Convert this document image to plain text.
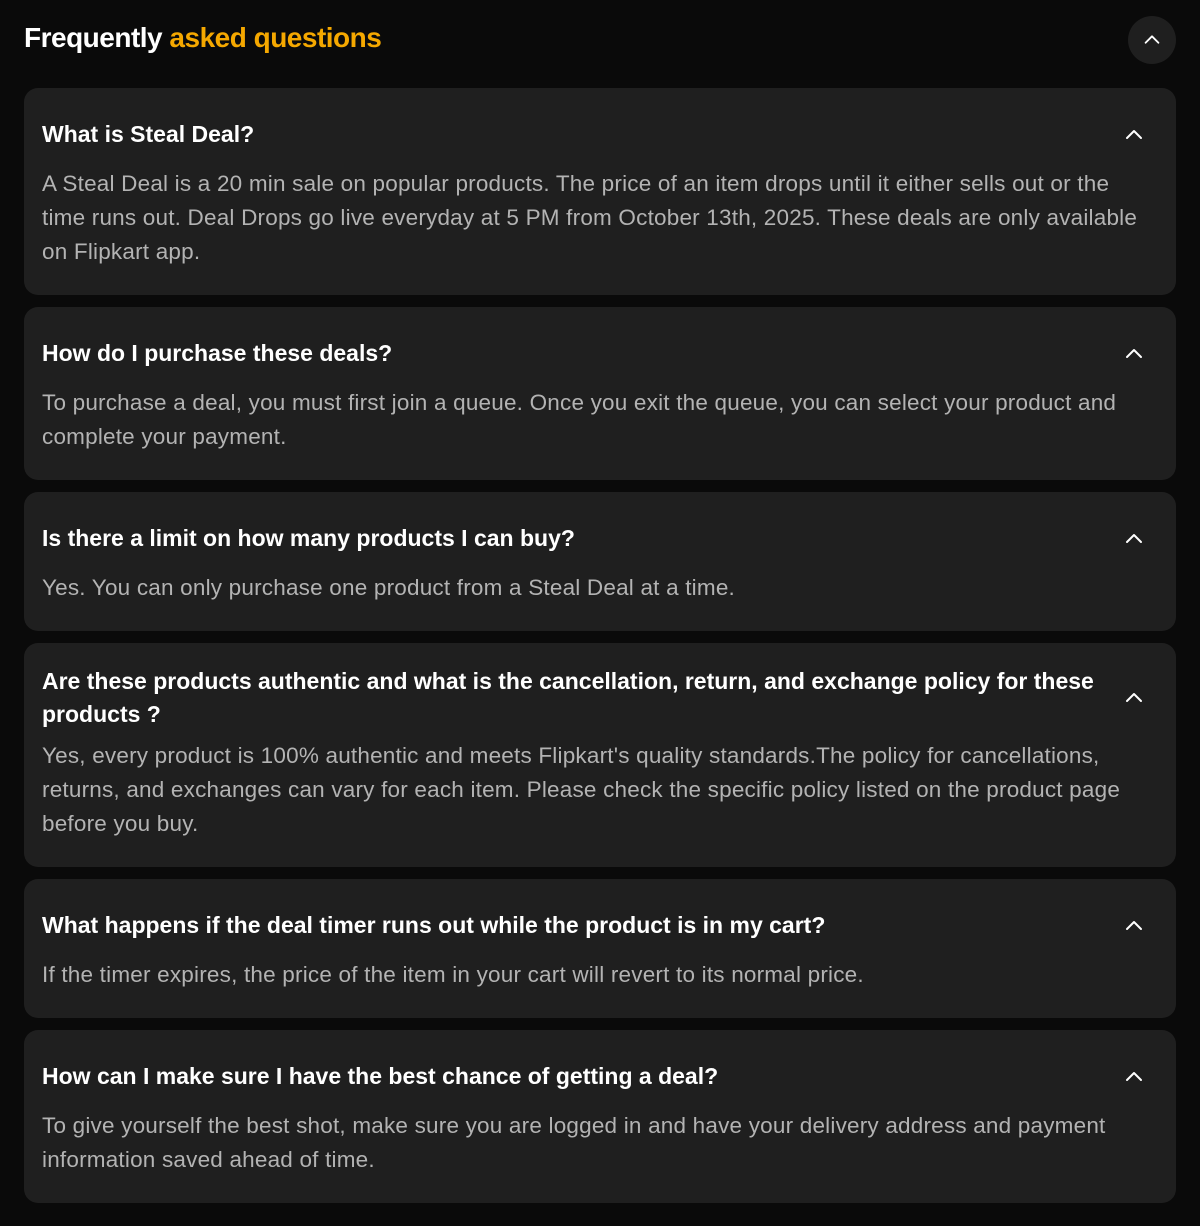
Frequently asked questions
What is Steal Deal?
A Steal Deal is a 20 min sale on popular products. The price of an item drops until it either sells out or the time runs out. Deal Drops go live everyday at 5 PM from October 13th, 2025. These deals are only available on Flipkart app.
How do I purchase these deals?
To purchase a deal, you must first join a queue. Once you exit the queue, you can select your product and complete your payment.
Is there a limit on how many products I can buy?
Yes. You can only purchase one product from a Steal Deal at a time.
Are these products authentic and what is the cancellation, return, and exchange policy for these products ?
Yes, every product is 100% authentic and meets Flipkart's quality standards.The policy for cancellations, returns, and exchanges can vary for each item. Please check the specific policy listed on the product page before you buy.
What happens if the deal timer runs out while the product is in my cart?
If the timer expires, the price of the item in your cart will revert to its normal price.
How can I make sure I have the best chance of getting a deal?
To give yourself the best shot, make sure you are logged in and have your delivery address and payment information saved ahead of time.
